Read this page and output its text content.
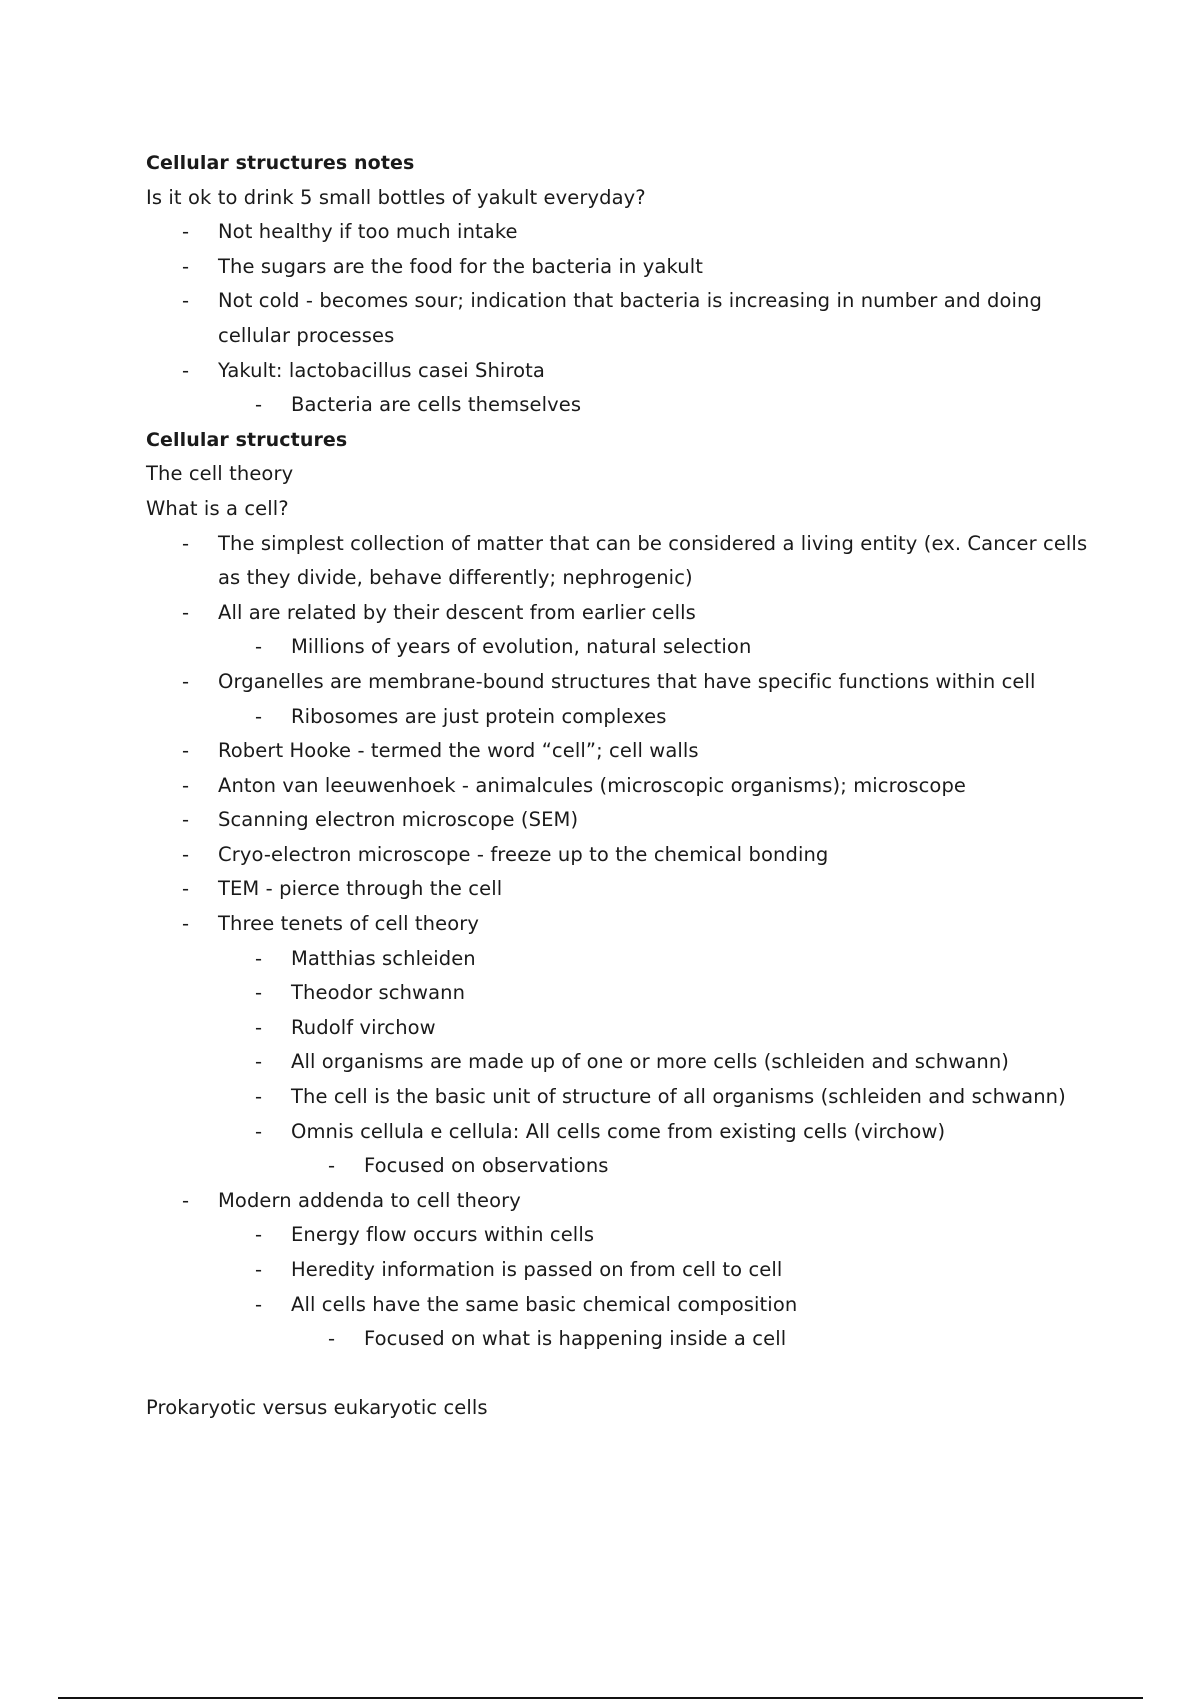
Cellular structures notes
Is it ok to drink 5 small bottles of yakult everyday?
-	Not healthy if too much intake
-	The sugars are the food for the bacteria in yakult
-	Not cold - becomes sour; indication that bacteria is increasing in number and doing cellular processes
-	Yakult: lactobacillus casei Shirota
-	Bacteria are cells themselves
Cellular structures
The cell theory
What is a cell?
-	The simplest collection of matter that can be considered a living entity (ex. Cancer cells as they divide, behave differently; nephrogenic)
-	All are related by their descent from earlier cells
-	Millions of years of evolution, natural selection
-	Organelles are membrane-bound structures that have specific functions within cell
-	Ribosomes are just protein complexes
-	Robert Hooke - termed the word “cell”; cell walls
-	Anton van leeuwenhoek - animalcules (microscopic organisms); microscope
-	Scanning electron microscope (SEM)
-	Cryo-electron microscope - freeze up to the chemical bonding
-	TEM - pierce through the cell
-	Three tenets of cell theory
-	Matthias schleiden
-	Theodor schwann
-	Rudolf virchow
-	All organisms are made up of one or more cells (schleiden and schwann)
-	The cell is the basic unit of structure of all organisms (schleiden and schwann)
-	Omnis cellula e cellula: All cells come from existing cells (virchow)
-	Focused on observations
-	Modern addenda to cell theory
-	Energy flow occurs within cells
-	Heredity information is passed on from cell to cell
-	All cells have the same basic chemical composition
-	Focused on what is happening inside a cell
Prokaryotic versus eukaryotic cells
